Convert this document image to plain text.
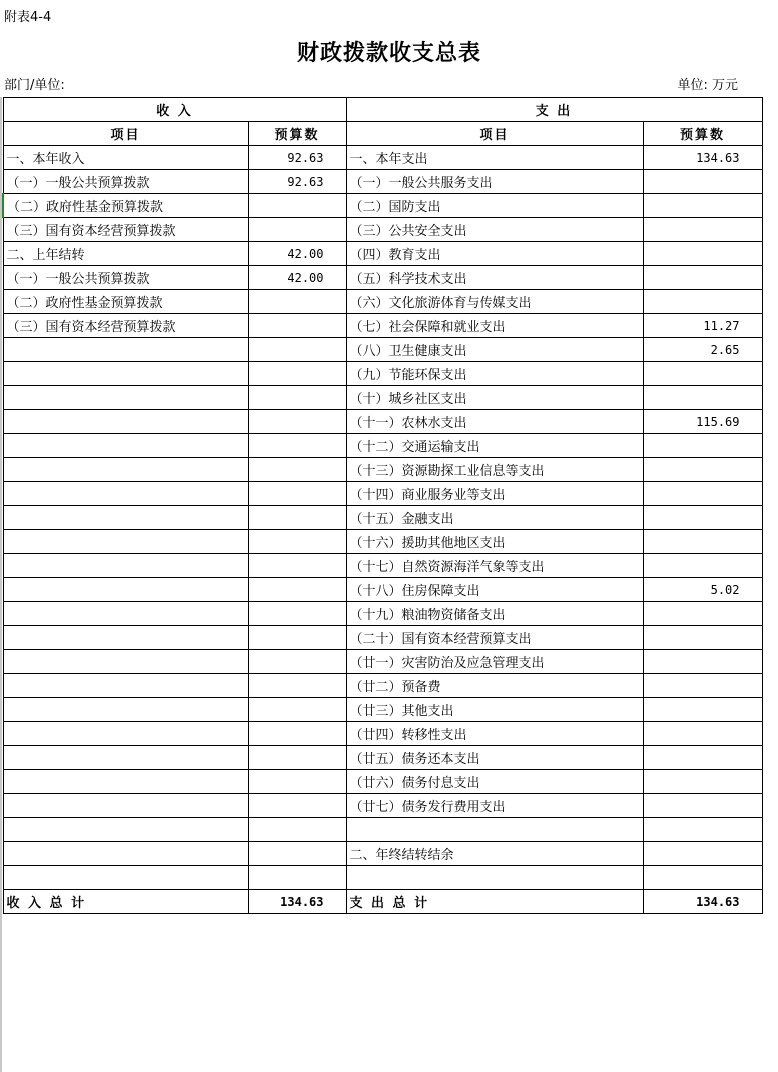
附表4-4
财政拨款收支总表
部门/单位:	单位: 万元
收 入		支 出	
项目	预算数	项目	预算数
一、本年收入	92.63	一、本年支出	134.63
（一）一般公共预算拨款	92.63	（一）一般公共服务支出	
（二）政府性基金预算拨款		（二）国防支出	
（三）国有资本经营预算拨款		（三）公共安全支出	
二、上年结转	42.00	（四）教育支出	
（一）一般公共预算拨款	42.00	（五）科学技术支出	
（二）政府性基金预算拨款		（六）文化旅游体育与传媒支出	
（三）国有资本经营预算拨款		（七）社会保障和就业支出	11.27
		（八）卫生健康支出	2.65
		（九）节能环保支出	
		（十）城乡社区支出	
		（十一）农林水支出	115.69
		（十二）交通运输支出	
		（十三）资源勘探工业信息等支出	
		（十四）商业服务业等支出	
		（十五）金融支出	
		（十六）援助其他地区支出	
		（十七）自然资源海洋气象等支出	
		（十八）住房保障支出	5.02
		（十九）粮油物资储备支出	
		（二十）国有资本经营预算支出	
		（廿一）灾害防治及应急管理支出	
		（廿二）预备费	
		（廿三）其他支出	
		（廿四）转移性支出	
		（廿五）债务还本支出	
		（廿六）债务付息支出	
		（廿七）债务发行费用支出	

		二、年终结转结余	

收 入 总 计	134.63	支 出 总 计	134.63
